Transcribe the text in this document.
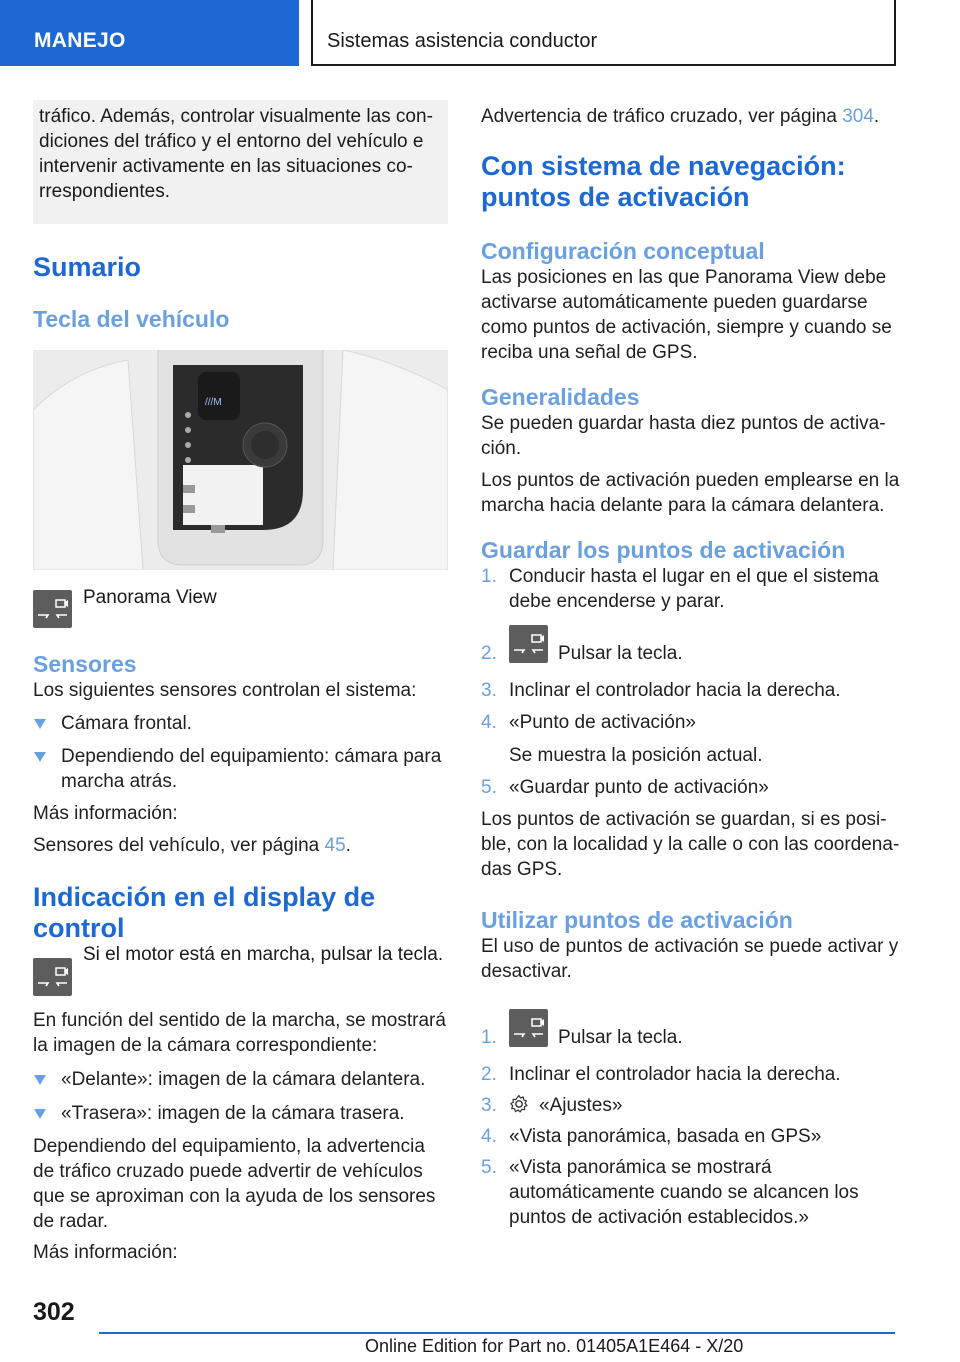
MANEJO	Sistemas asistencia conductor
tráfico. Además, controlar visualmente las condiciones del tráfico y el entorno del vehículo e intervenir activamente en las situaciones correspondientes.
Sumario
Tecla del vehículo
///M
Panorama View
Sensores

Los siguientes sensores controlan el sistema:

Cámara frontal.
Dependiendo del equipamiento: cámara para marcha atrás.

Más información:

Sensores del vehículo, ver página 45.

Indicación en el display de control
Si el motor está en marcha, pulsar la tecla.

En función del sentido de la marcha, se mostrará la imagen de la cámara correspondiente:

«Delante»: imagen de la cámara delantera.
«Trasera»: imagen de la cámara trasera.

Dependiendo del equipamiento, la advertencia de tráfico cruzado puede advertir de vehículos que se aproximan con la ayuda de los sensores de radar.

Más información:

Advertencia de tráfico cruzado, ver página 304.

Con sistema de navegación: puntos de activación
Configuración conceptual

Las posiciones en las que Panorama View debe activarse automáticamente pueden guardarse como puntos de activación, siempre y cuando se reciba una señal de GPS.

Generalidades

Se pueden guardar hasta diez puntos de activación.

Los puntos de activación pueden emplearse en la marcha hacia delante para la cámara delantera.

Guardar los puntos de activación
1. Conducir hasta el lugar en el que el sistema debe encenderse y parar.
2.	Pulsar la tecla.
3. Inclinar el controlador hacia la derecha.
4. «Punto de activación»
Se muestra la posición actual.
5. «Guardar punto de activación»

Los puntos de activación se guardan, si es posible, con la localidad y la calle o con las coordenadas GPS.

Utilizar puntos de activación

El uso de puntos de activación se puede activar y desactivar.

1.	Pulsar la tecla.
2. Inclinar el controlador hacia la derecha.
3. «Ajustes»
4. «Vista panorámica, basada en GPS»
5. «Vista panorámica se mostrará automáticamente cuando se alcancen los puntos de activación establecidos.»
302
Online Edition for Part no. 01405A1E464 - X/20
